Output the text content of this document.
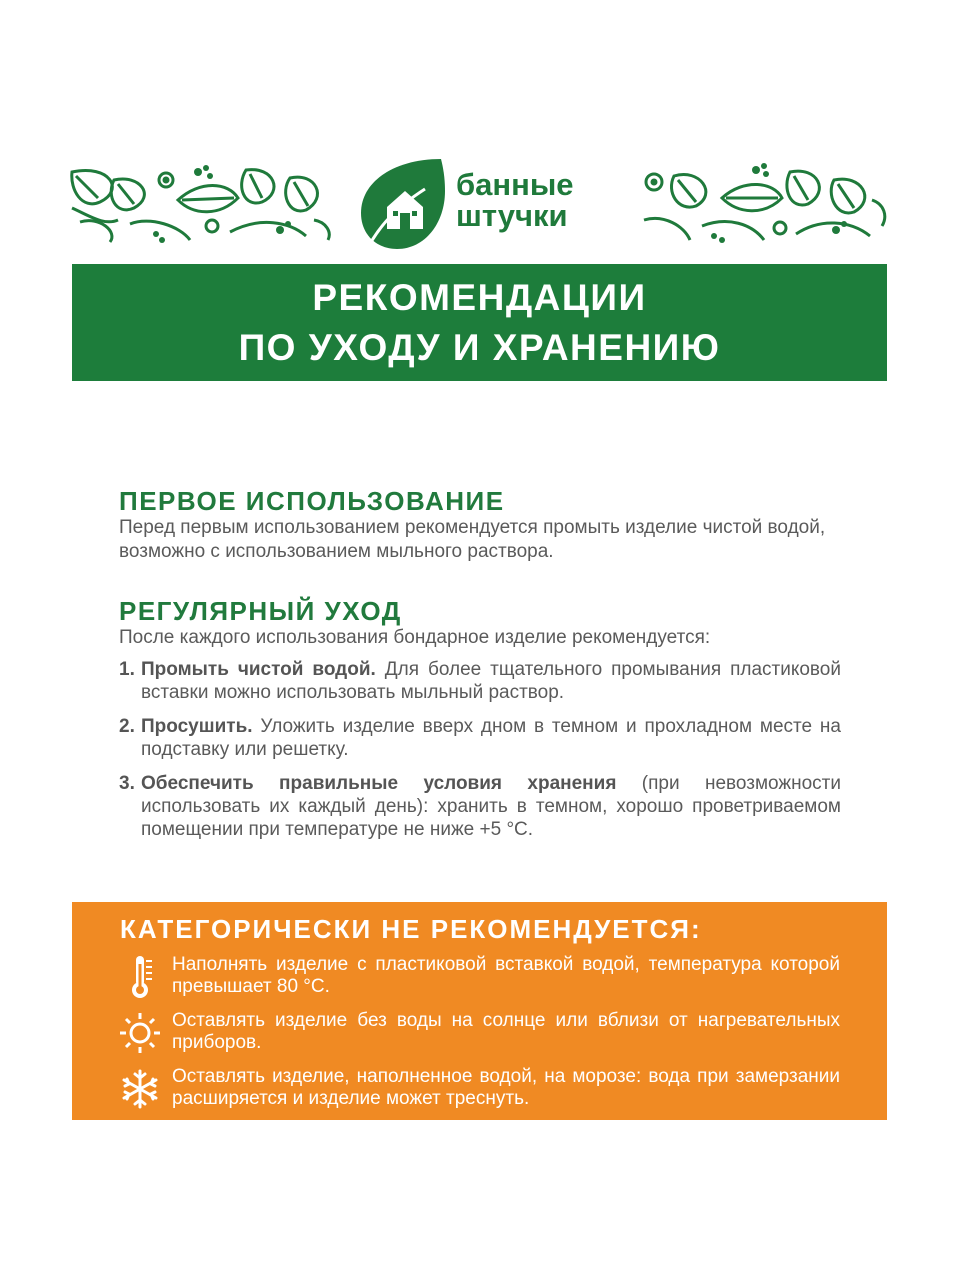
банные
штучки
РЕКОМЕНДАЦИИ
ПО УХОДУ И ХРАНЕНИЮ
ПЕРВОЕ ИСПОЛЬЗОВАНИЕ

Перед первым использованием рекомендуется промыть изделие чистой водой, возможно с использованием мыльного раствора.

РЕГУЛЯРНЫЙ УХОД

После каждого использования бондарное изделие рекомендуется:

1. Промыть чистой водой. Для более тщательного промывания пластиковой вставки можно использовать мыльный раствор.
2. Просушить. Уложить изделие вверх дном в темном и прохладном месте на подставку или решетку.
3. Обеспечить правильные условия хранения (при невозможности использовать их каждый день): хранить в темном, хорошо проветриваемом помещении при температуре не ниже +5 °С.
КАТЕГОРИЧЕСКИ НЕ РЕКОМЕНДУЕТСЯ:

Наполнять изделие с пластиковой вставкой водой, температура которой превышает 80 °С.

Оставлять изделие без воды на солнце или вблизи от нагревательных приборов.

Оставлять изделие, наполненное водой, на морозе: вода при замерзании расширяется и изделие может треснуть.
